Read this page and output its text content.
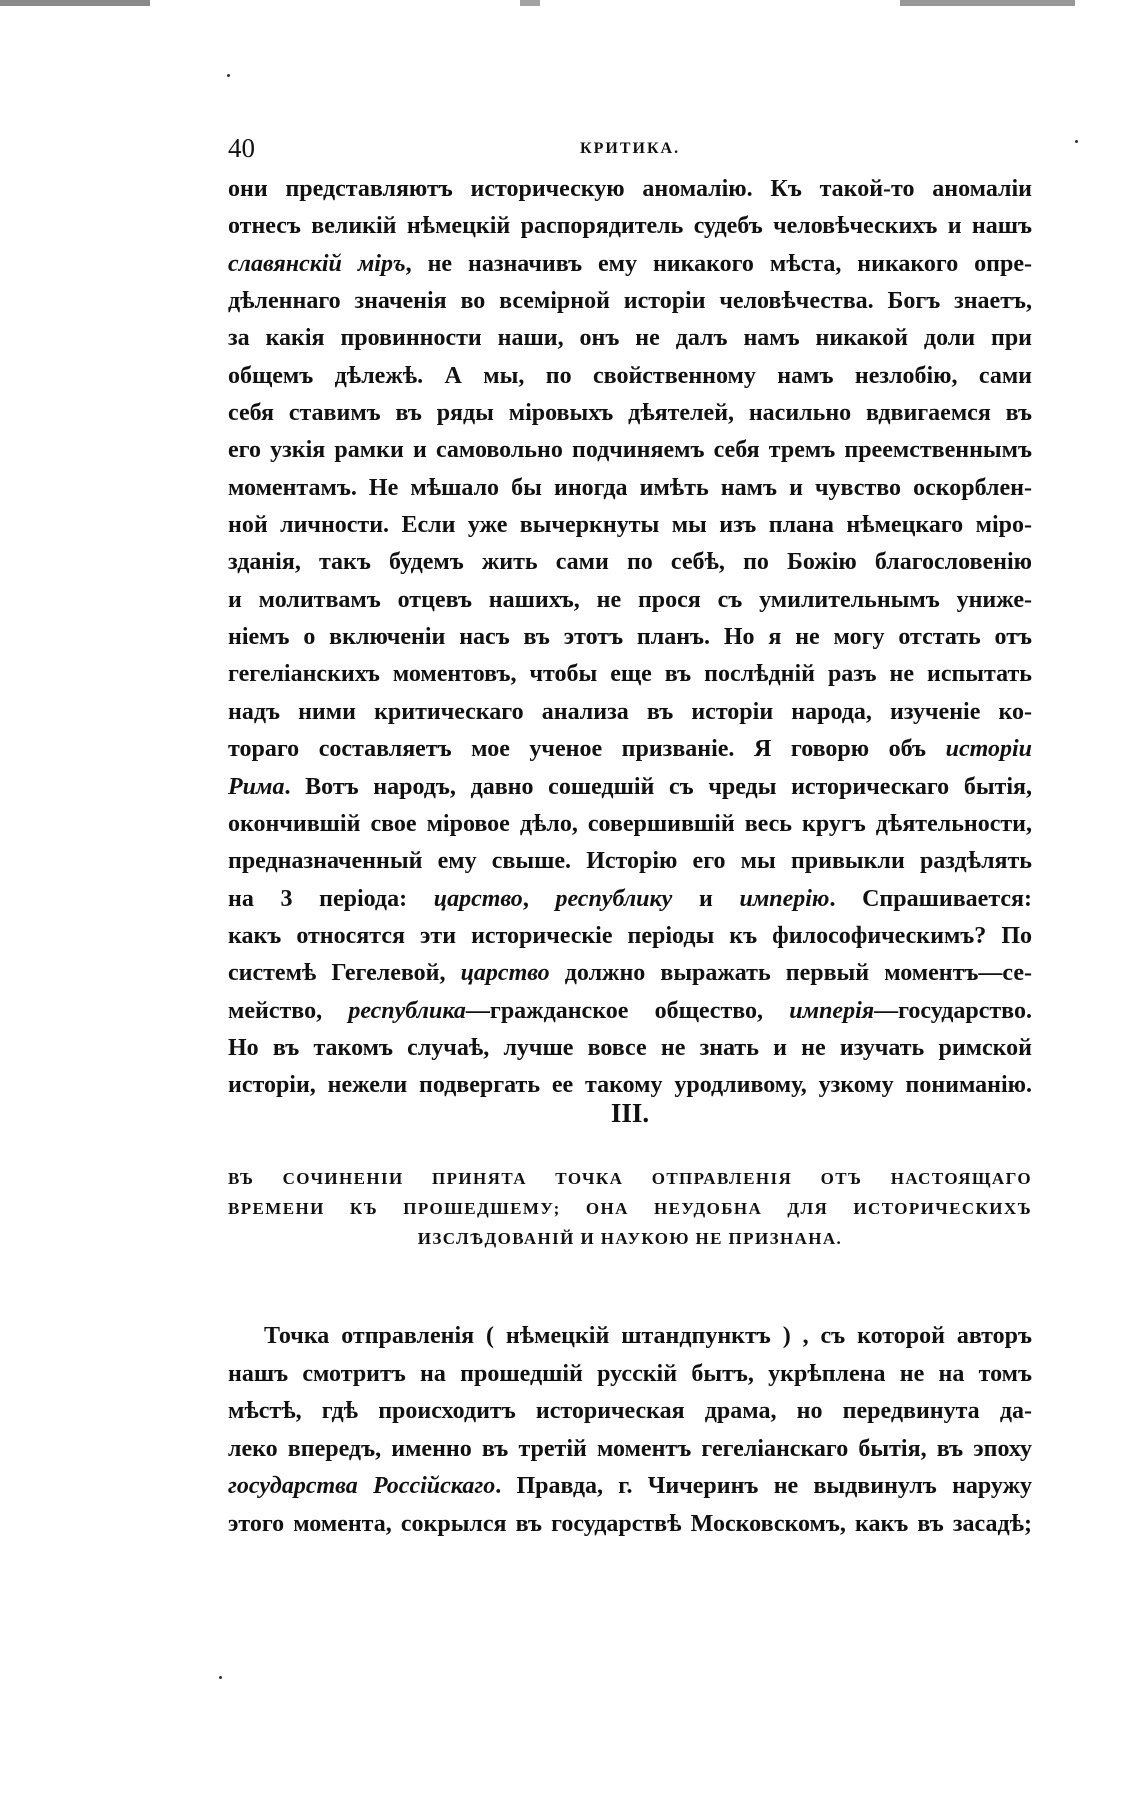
40	КРИТИКА.
они представляютъ историческую аномалію. Къ такой-то аномаліи
отнесъ великій нѣмецкій распорядитель судебъ человѣческихъ и нашъ
славянскій міръ, не назначивъ ему никакого мѣста, никакого опре-
дѣленнаго значенія во всемірной исторіи человѣчества. Богъ знаетъ,
за какія провинности наши, онъ не далъ намъ никакой доли при
общемъ дѣлежѣ. А мы, по свойственному намъ незлобію, сами
себя ставимъ въ ряды міровыхъ дѣятелей, насильно вдвигаемся въ
его узкія рамки и самовольно подчиняемъ себя тремъ преемственнымъ
моментамъ. Не мѣшало бы иногда имѣть намъ и чувство оскорблен-
ной личности. Если уже вычеркнуты мы изъ плана нѣмецкаго міро-
зданія, такъ будемъ жить сами по себѣ, по Божію благословенію
и молитвамъ отцевъ нашихъ, не прося съ умилительнымъ униже-
ніемъ о включеніи насъ въ этотъ планъ. Но я не могу отстать отъ
гегеліанскихъ моментовъ, чтобы еще въ послѣдній разъ не испытать
надъ ними критическаго анализа въ исторіи народа, изученіе ко-
тораго составляетъ мое ученое призваніе. Я говорю объ исторіи
Рима. Вотъ народъ, давно сошедшій съ чреды историческаго бытія,
окончившій свое міровое дѣло, совершившій весь кругъ дѣятельности,
предназначенный ему свыше. Исторію его мы привыкли раздѣлять
на 3 періода: царство, республику и имперію. Спрашивается:
какъ относятся эти историческіе періоды къ философическимъ? По
системѣ Гегелевой, царство должно выражать первый моментъ—се-
мейство, республика—гражданское общество, имперія—государство.
Но въ такомъ случаѣ, лучше вовсе не знать и не изучать римской
исторіи, нежели подвергать ее такому уродливому, узкому пониманію.
III.
ВЪ СОЧИНЕНІИ ПРИНЯТА ТОЧКА ОТПРАВЛЕНІЯ ОТЪ НАСТОЯЩАГО
ВРЕМЕНИ КЪ ПРОШЕДШЕМУ; ОНА НЕУДОБНА ДЛЯ ИСТОРИЧЕСКИХЪ
ИЗСЛѢДОВАНІЙ И НАУКОЮ НЕ ПРИЗНАНА.
Точка отправленія ( нѣмецкій штандпунктъ ) , съ которой авторъ
нашъ смотритъ на прошедшій русскій бытъ, укрѣплена не на томъ
мѣстѣ, гдѣ происходитъ историческая драма, но передвинута да-
леко впередъ, именно въ третій моментъ гегеліанскаго бытія, въ эпоху
государства Россійскаго. Правда, г. Чичеринъ не выдвинулъ наружу
этого момента, сокрылся въ государствѣ Московскомъ, какъ въ засадѣ;
